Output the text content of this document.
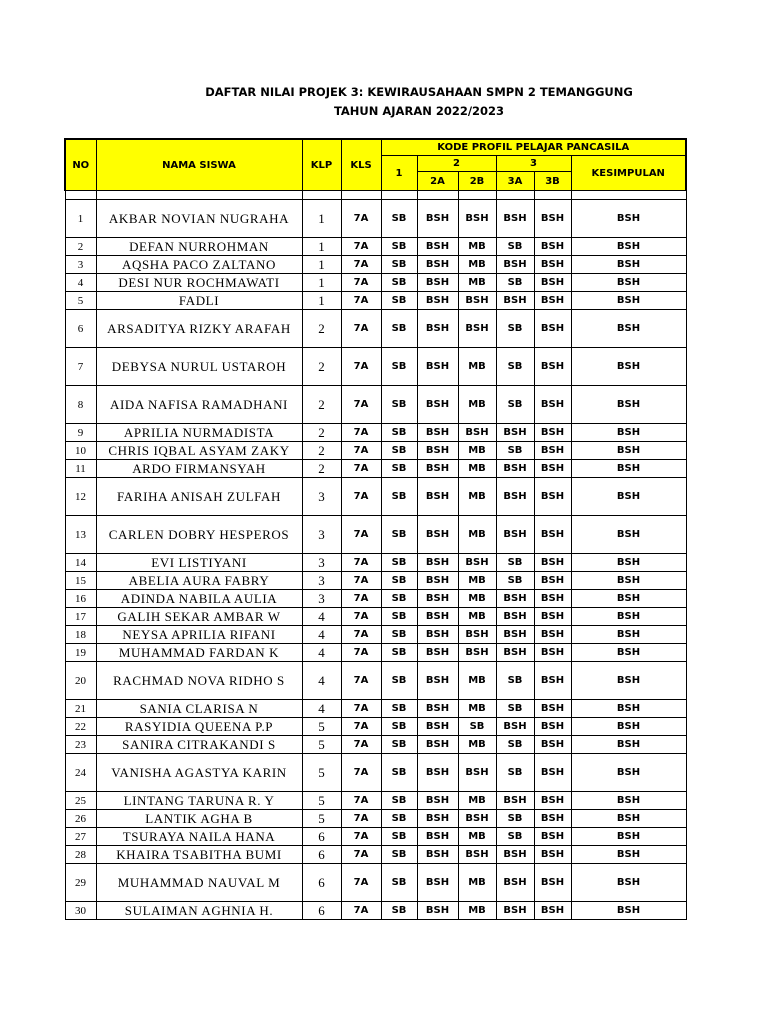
DAFTAR NILAI PROJEK 3: KEWIRAUSAHAAN SMPN 2 TEMANGGUNG
TAHUN AJARAN 2022/2023
NO	NAMA SISWA	KLP	KLS	KODE PROFIL PELAJAR PANCASILA					
				1	2		3		KESIMPULAN
					2A	2B	3A	3B	

1	AKBAR NOVIAN NUGRAHA	1	7A	SB	BSH	BSH	BSH	BSH	BSH
2	DEFAN NURROHMAN	1	7A	SB	BSH	MB	SB	BSH	BSH
3	AQSHA PACO ZALTANO	1	7A	SB	BSH	MB	BSH	BSH	BSH
4	DESI NUR ROCHMAWATI	1	7A	SB	BSH	MB	SB	BSH	BSH
5	FADLI	1	7A	SB	BSH	BSH	BSH	BSH	BSH
6	ARSADITYA RIZKY ARAFAH	2	7A	SB	BSH	BSH	SB	BSH	BSH
7	DEBYSA NURUL USTAROH	2	7A	SB	BSH	MB	SB	BSH	BSH
8	AIDA NAFISA RAMADHANI	2	7A	SB	BSH	MB	SB	BSH	BSH
9	APRILIA NURMADISTA	2	7A	SB	BSH	BSH	BSH	BSH	BSH
10	CHRIS IQBAL ASYAM ZAKY	2	7A	SB	BSH	MB	SB	BSH	BSH
11	ARDO FIRMANSYAH	2	7A	SB	BSH	MB	BSH	BSH	BSH
12	FARIHA ANISAH ZULFAH	3	7A	SB	BSH	MB	BSH	BSH	BSH
13	CARLEN DOBRY HESPEROS	3	7A	SB	BSH	MB	BSH	BSH	BSH
14	EVI LISTIYANI	3	7A	SB	BSH	BSH	SB	BSH	BSH
15	ABELIA AURA FABRY	3	7A	SB	BSH	MB	SB	BSH	BSH
16	ADINDA NABILA AULIA	3	7A	SB	BSH	MB	BSH	BSH	BSH
17	GALIH SEKAR AMBAR W	4	7A	SB	BSH	MB	BSH	BSH	BSH
18	NEYSA APRILIA RIFANI	4	7A	SB	BSH	BSH	BSH	BSH	BSH
19	MUHAMMAD FARDAN K	4	7A	SB	BSH	BSH	BSH	BSH	BSH
20	RACHMAD NOVA RIDHO S	4	7A	SB	BSH	MB	SB	BSH	BSH
21	SANIA CLARISA N	4	7A	SB	BSH	MB	SB	BSH	BSH
22	RASYIDIA QUEENA P.P	5	7A	SB	BSH	SB	BSH	BSH	BSH
23	SANIRA CITRAKANDI S	5	7A	SB	BSH	MB	SB	BSH	BSH
24	VANISHA AGASTYA KARIN	5	7A	SB	BSH	BSH	SB	BSH	BSH
25	LINTANG TARUNA R. Y	5	7A	SB	BSH	MB	BSH	BSH	BSH
26	LANTIK AGHA B	5	7A	SB	BSH	BSH	SB	BSH	BSH
27	TSURAYA NAILA HANA	6	7A	SB	BSH	MB	SB	BSH	BSH
28	KHAIRA TSABITHA BUMI	6	7A	SB	BSH	BSH	BSH	BSH	BSH
29	MUHAMMAD NAUVAL M	6	7A	SB	BSH	MB	BSH	BSH	BSH
30	SULAIMAN AGHNIA H.	6	7A	SB	BSH	MB	BSH	BSH	BSH
